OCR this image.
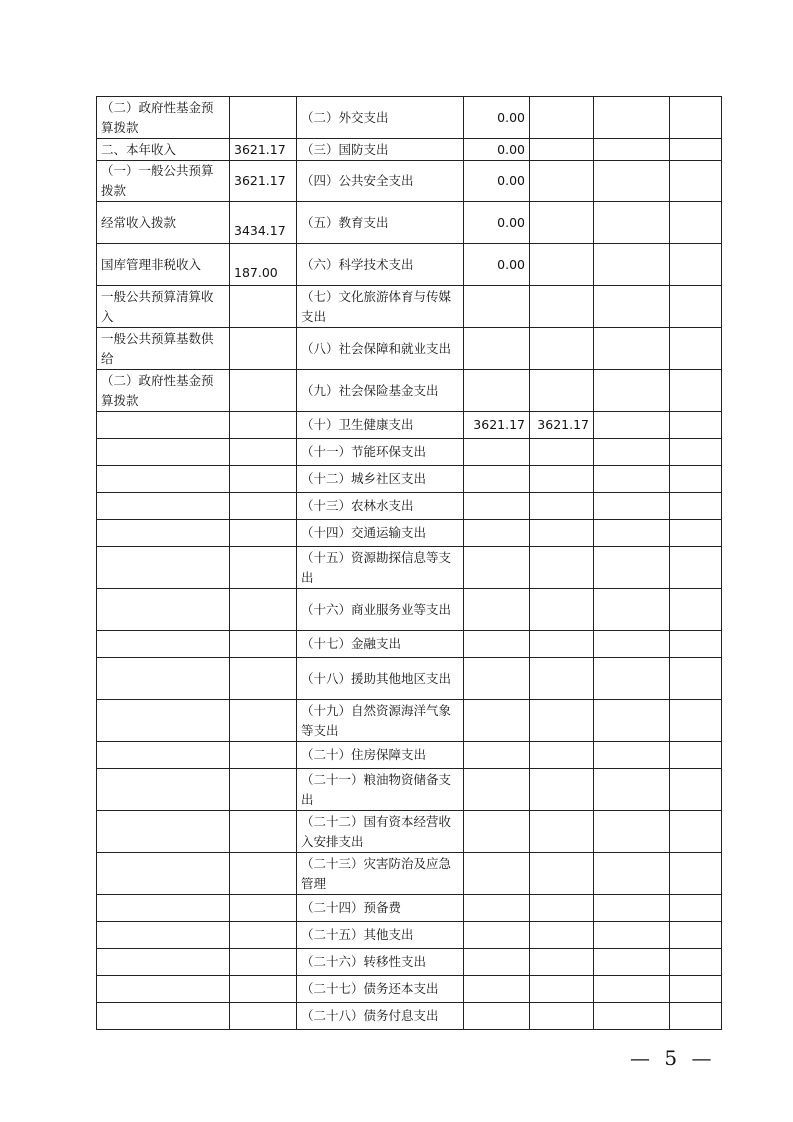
（二）政府性基金预算拨款		（二）外交支出	0.00			
二、本年收入	3621.17	（三）国防支出	0.00			
（一）一般公共预算拨款	3621.17	（四）公共安全支出	0.00			
经常收入拨款	3434.17	（五）教育支出	0.00			
国库管理非税收入	187.00	（六）科学技术支出	0.00			
一般公共预算清算收入		（七）文化旅游体育与传媒支出				
一般公共预算基数供给		（八）社会保障和就业支出				
（二）政府性基金预算拨款		（九）社会保险基金支出				
		（十）卫生健康支出	3621.17	3621.17		
		（十一）节能环保支出				
		（十二）城乡社区支出				
		（十三）农林水支出				
		（十四）交通运输支出				
		（十五）资源勘探信息等支出				
		（十六）商业服务业等支出				
		（十七）金融支出				
		（十八）援助其他地区支出				
		（十九）自然资源海洋气象等支出				
		（二十）住房保障支出				
		（二十一）粮油物资储备支出				
		（二十二）国有资本经营收入安排支出				
		（二十三）灾害防治及应急管理				
		（二十四）预备费				
		（二十五）其他支出				
		（二十六）转移性支出				
		（二十七）债务还本支出				
		（二十八）债务付息支出				
— 5 —
